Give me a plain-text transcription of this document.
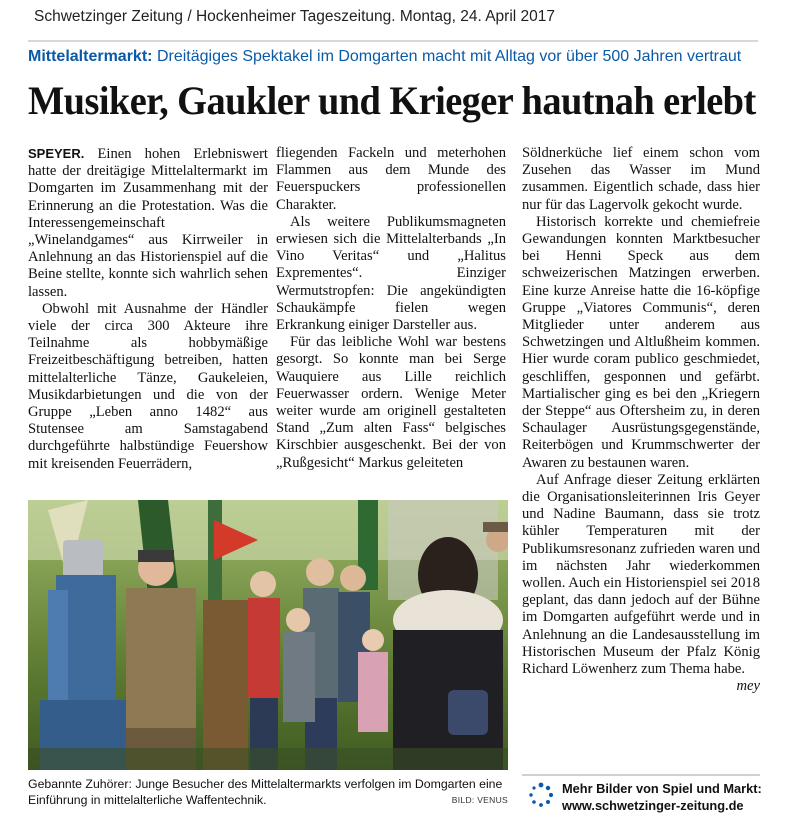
Schwetzinger Zeitung / Hockenheimer Tageszeitung. Montag, 24. April 2017
Mittelaltermarkt: Dreitägiges Spektakel im Domgarten macht mit Alltag vor über 500 Jahren vertraut
Musiker, Gaukler und Krieger hautnah erlebt

SPEYER. Einen hohen Erlebniswert hatte der dreitägige Mittelaltermarkt im Domgarten im Zusammenhang mit der Erinnerung an die Protestation. Was die Interessengemeinschaft „Winelandgames“ aus Kirrweiler in Anlehnung an das Historienspiel auf die Beine stellte, konnte sich wahrlich sehen lassen.

Obwohl mit Ausnahme der Händler viele der circa 300 Akteure ihre Teilnahme als hobbymäßige Freizeitbeschäftigung betreiben, hatten mittelalterliche Tänze, Gaukeleien, Musikdarbietungen und die von der Gruppe „Leben anno 1482“ aus Stutensee am Samstagabend durchgeführte halbstündige Feuershow mit kreisenden Feuerrädern,

fliegenden Fackeln und meterhohen Flammen aus dem Munde des Feuerspuckers professionellen Charakter.

Als weitere Publikumsmagneten erwiesen sich die Mittelalterbands „In Vino Veritas“ und „Halitus Exprementes“. Einziger Wermutstropfen: Die angekündigten Schaukämpfe fielen wegen Erkrankung einiger Darsteller aus.

Für das leibliche Wohl war bestens gesorgt. So konnte man bei Serge Wauquiere aus Lille reichlich Feuerwasser ordern. Wenige Meter weiter wurde am originell gestalteten Stand „Zum alten Fass“ belgisches Kirschbier ausgeschenkt. Bei der von „Rußgesicht“ Markus geleiteten

Söldnerküche lief einem schon vom Zusehen das Wasser im Mund zusammen. Eigentlich schade, dass hier nur für das Lagervolk gekocht wurde.

Historisch korrekte und chemiefreie Gewandungen konnten Marktbesucher bei Henni Speck aus dem schweizerischen Matzingen erwerben. Eine kurze Anreise hatte die 16-köpfige Gruppe „Viatores Communis“, deren Mitglieder unter anderem aus Schwetzingen und Altlußheim kommen. Hier wurde coram publico geschmiedet, geschliffen, gesponnen und gefärbt. Martialischer ging es bei den „Kriegern der Steppe“ aus Oftersheim zu, in deren Schaulager Ausrüstungsgegenstände, Reiterbögen und Krummschwerter der Awaren zu bestaunen waren.

Auf Anfrage dieser Zeitung erklärten die Organisationsleiterinnen Iris Geyer und Nadine Baumann, dass sie trotz kühler Temperaturen mit der Publikumsresonanz zufrieden waren und im nächsten Jahr wiederkommen wollen. Auch ein Historienspiel sei 2018 geplant, das dann jedoch auf der Bühne im Domgarten aufgeführt werde und in Anlehnung an die Landesausstellung im Historischen Museum der Pfalz König Richard Löwenherz zum Thema habe.

mey
Gebannte Zuhörer: Junge Besucher des Mittelaltermarkts verfolgen im Domgarten eine Einführung in mittelalterliche Waffentechnik.	BILD: VENUS
Mehr Bilder von Spiel und Markt:
www.schwetzinger-zeitung.de
